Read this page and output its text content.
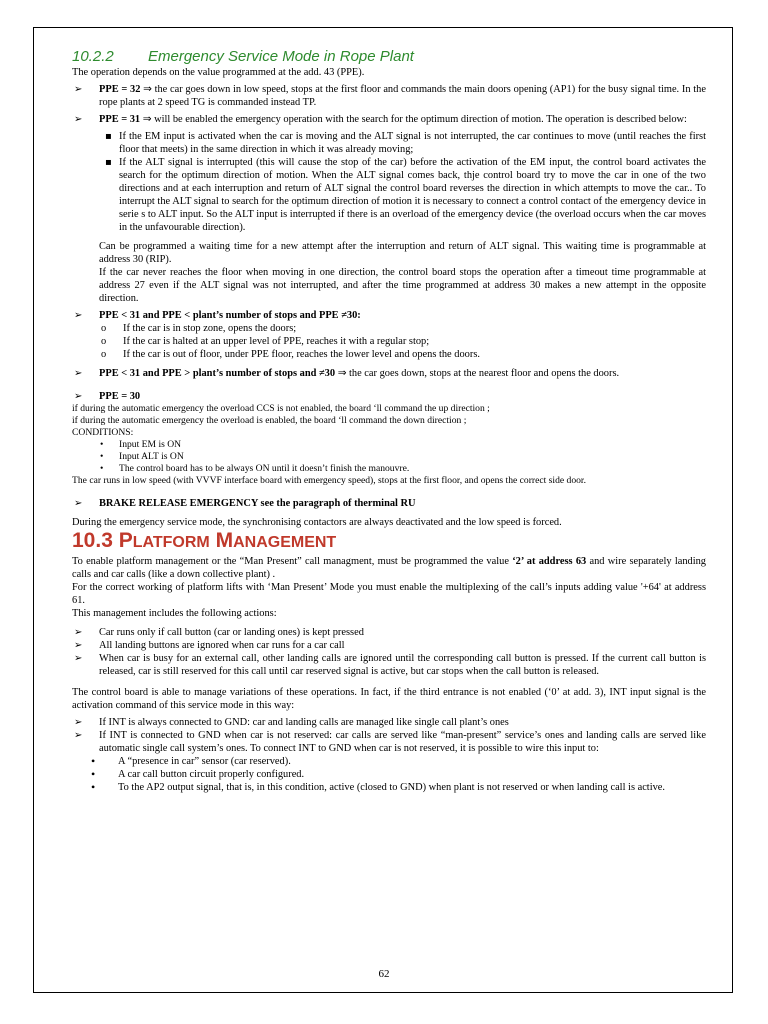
10.2.2 Emergency Service Mode in Rope Plant

The operation depends on the value programmed at the add. 43 (PPE).

➢ PPE = 32 ⇒ the car goes down in low speed, stops at the first floor and commands the main doors opening (AP1) for the busy signal time. In the rope plants at 2 speed TG is commanded instead TP.
➢ PPE = 31 ⇒ will be enabled the emergency operation with the search for the optimum direction of motion. The operation is described below:
▪ If the EM input is activated when the car is moving and the ALT signal is not interrupted, the car continues to move (until reaches the first floor that meets) in the same direction in which it was already moving;
▪ If the ALT signal is interrupted (this will cause the stop of the car) before the activation of the EM input, the control board activates the search for the optimum direction of motion. When the ALT signal comes back, thje control board try to move the car in one of the two directions and at each interruption and return of ALT signal the control board reverses the direction in which attempts to move the car.. To interrupt the ALT signal to search for the optimum direction of motion it is necessary to connect a control contact of the emergency device in serie s to ALT input. So the ALT input is interrupted if there is an overload of the emergency device (the overload occurs when the car moves in the unfavourable direction).
Can be programmed a waiting time for a new attempt after the interruption and return of ALT signal. This waiting time is programmable at address 30 (RIP).
If the car never reaches the floor when moving in one direction, the control board stops the operation after a timeout time programmable at address 27 even if the ALT signal was not interrupted, and after the time programmed at address 30 makes a new attempt in the opposite direction.
➢ PPE < 31 and PPE < plant’s number of stops and PPE ≠30:
o If the car is in stop zone, opens the doors;
o If the car is halted at an upper level of PPE, reaches it with a regular stop;
o If the car is out of floor, under PPE floor, reaches the lower level and opens the doors.
➢ PPE < 31 and PPE > plant’s number of stops and ≠30 ⇒ the car goes down, stops at the nearest floor and opens the doors.
➢ PPE = 30

if during the automatic emergency the overload CCS is not enabled, the board ‘ll command the up direction ;

if during the automatic emergency the overload is enabled, the board ‘ll command the down direction ;

CONDITIONS:

• Input EM is ON
• Input ALT is ON
• The control board has to be always ON until it doesn’t finish the manouvre.

The car runs in low speed (with VVVF interface board with emergency speed), stops at the first floor, and opens the correct side door.

➢ BRAKE RELEASE EMERGENCY see the paragraph of therminal RU

During the emergency service mode, the synchronising contactors are always deactivated and the low speed is forced.

10.3 PLATFORM MANAGEMENT

To enable platform management or the “Man Present” call managment, must be programmed the value ‘2’ at address 63 and wire separately landing calls and car calls (like a down collective plant) .

For the correct working of platform lifts with ‘Man Present’ Mode you must enable the multiplexing of the call’s inputs adding value '+64' at address 61.

This management includes the following actions:

➢ Car runs only if call button (car or landing ones) is kept pressed
➢ All landing buttons are ignored when car runs for a car call
➢ When car is busy for an external call, other landing calls are ignored until the corresponding call button is pressed. If the current call button is released, car is still reserved for this call until car reserved signal is active, but car stops when the call button is released.

The control board is able to manage variations of these operations. In fact, if the third entrance is not enabled (‘0’ at add. 3), INT input signal is the activation command of this service mode in this way:

➢ If INT is always connected to GND: car and landing calls are managed like single call plant’s ones
➢ If INT is connected to GND when car is not reserved: car calls are served like “man-present” service’s ones and landing calls are served like automatic single call system’s ones. To connect INT to GND when car is not reserved, it is possible to wire this input to:
• A “presence in car” sensor (car reserved).
• A car call button circuit properly configured.
• To the AP2 output signal, that is, in this condition, active (closed to GND) when plant is not reserved or when landing call is active.
62
